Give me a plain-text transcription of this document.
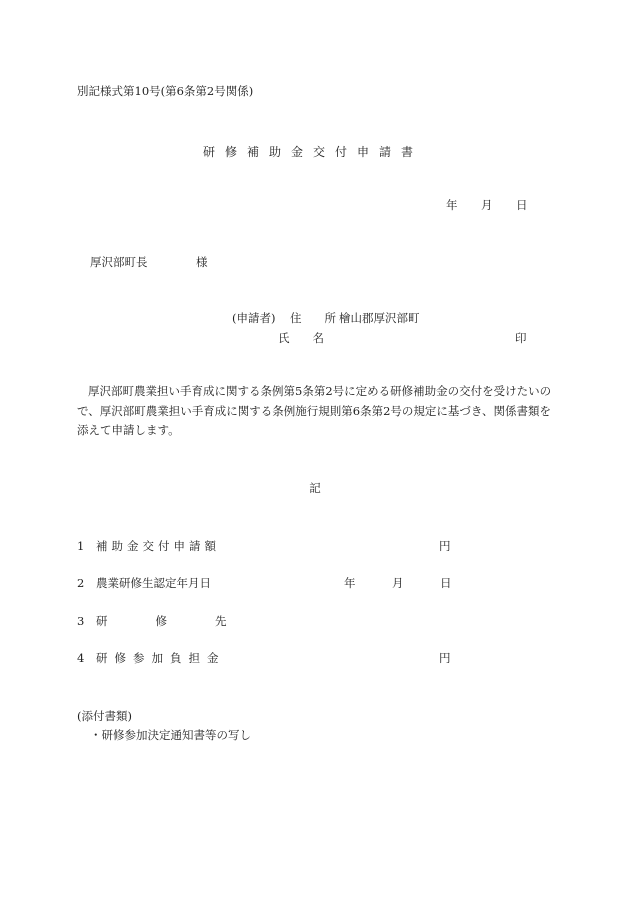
別記様式第10号(第6条第2号関係)
研修補助金交付申請書
年 月 日
厚沢部町長	様
(申請者) 住　　所 檜山郡厚沢部町
氏　　名	印
厚沢部町農業担い手育成に関する条例第5条第2号に定める研修補助金の交付を受けたいので、厚沢部町農業担い手育成に関する条例施行規則第6条第2号の規定に基づき、関係書類を添えて申請します。
記
1 補助金交付申請額	円
2 農業研修生認定年月日	年	月	日
3 研修先
4 研修参加負担金	円
(添付書類)
・研修参加決定通知書等の写し
